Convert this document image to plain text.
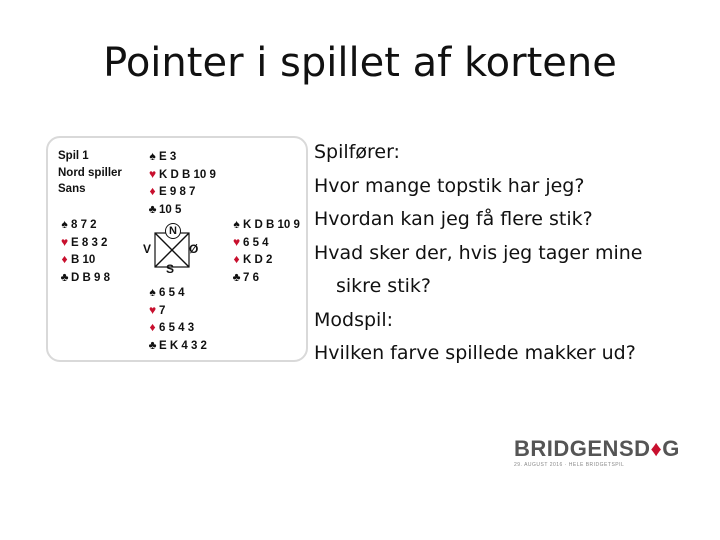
Pointer i spillet af kortene
Spil 1
Nord spiller
Sans
♠ E 3
♥ K D B 10 9
♦ E 9 8 7
♣ 10 5
♠ 8 7 2
♥ E 8 3 2
♦ B 10
♣ D B 9 8
N
V	Ø
S
♠ K D B 10 9
♥ 6 5 4
♦ K D 2
♣ 7 6
♠ 6 5 4
♥ 7
♦ 6 5 4 3
♣ E K 4 3 2
Spilfører:
Hvor mange topstik har jeg?
Hvordan kan jeg få flere stik?
Hvad sker der, hvis jeg tager mine
sikre stik?
Modspil:
Hvilken farve spillede makker ud?
BRIDGENSD♦G
29. AUGUST 2016 · HELE BRIDGETSPIL
